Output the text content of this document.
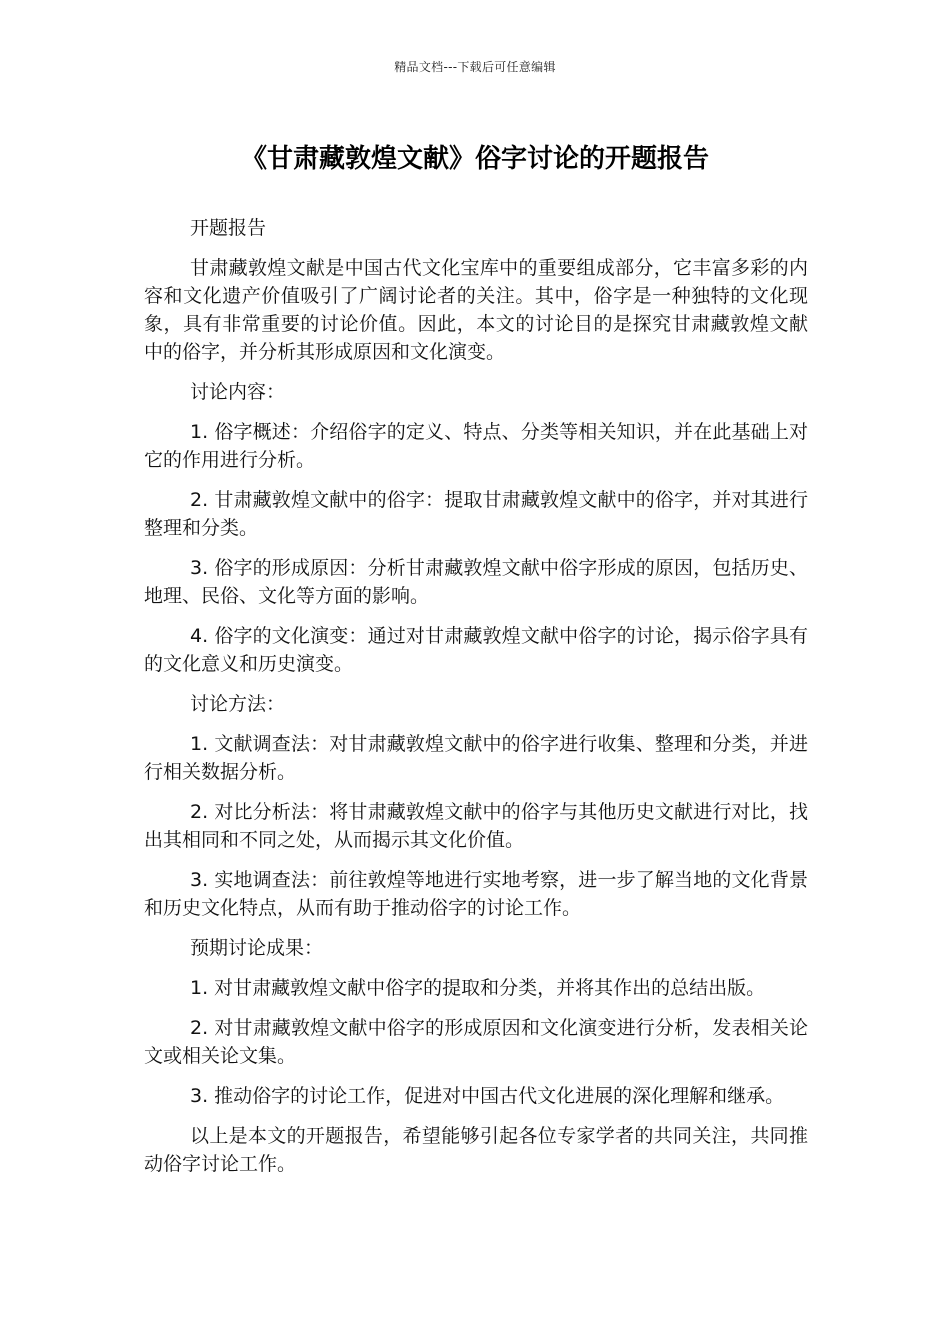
精品文档---下载后可任意编辑
《甘肃藏敦煌文献》俗字讨论的开题报告

开题报告

甘肃藏敦煌文献是中国古代文化宝库中的重要组成部分，它丰富多彩的内容和文化遗产价值吸引了广阔讨论者的关注。其中，俗字是一种独特的文化现象，具有非常重要的讨论价值。因此，本文的讨论目的是探究甘肃藏敦煌文献中的俗字，并分析其形成原因和文化演变。

讨论内容：

1. 俗字概述：介绍俗字的定义、特点、分类等相关知识，并在此基础上对它的作用进行分析。

2. 甘肃藏敦煌文献中的俗字：提取甘肃藏敦煌文献中的俗字，并对其进行整理和分类。

3. 俗字的形成原因：分析甘肃藏敦煌文献中俗字形成的原因，包括历史、地理、民俗、文化等方面的影响。

4. 俗字的文化演变：通过对甘肃藏敦煌文献中俗字的讨论，揭示俗字具有的文化意义和历史演变。

讨论方法：

1. 文献调查法：对甘肃藏敦煌文献中的俗字进行收集、整理和分类，并进行相关数据分析。

2. 对比分析法：将甘肃藏敦煌文献中的俗字与其他历史文献进行对比，找出其相同和不同之处，从而揭示其文化价值。

3. 实地调查法：前往敦煌等地进行实地考察，进一步了解当地的文化背景和历史文化特点，从而有助于推动俗字的讨论工作。

预期讨论成果：

1. 对甘肃藏敦煌文献中俗字的提取和分类，并将其作出的总结出版。

2. 对甘肃藏敦煌文献中俗字的形成原因和文化演变进行分析，发表相关论文或相关论文集。

3. 推动俗字的讨论工作，促进对中国古代文化进展的深化理解和继承。

以上是本文的开题报告，希望能够引起各位专家学者的共同关注，共同推动俗字讨论工作。
